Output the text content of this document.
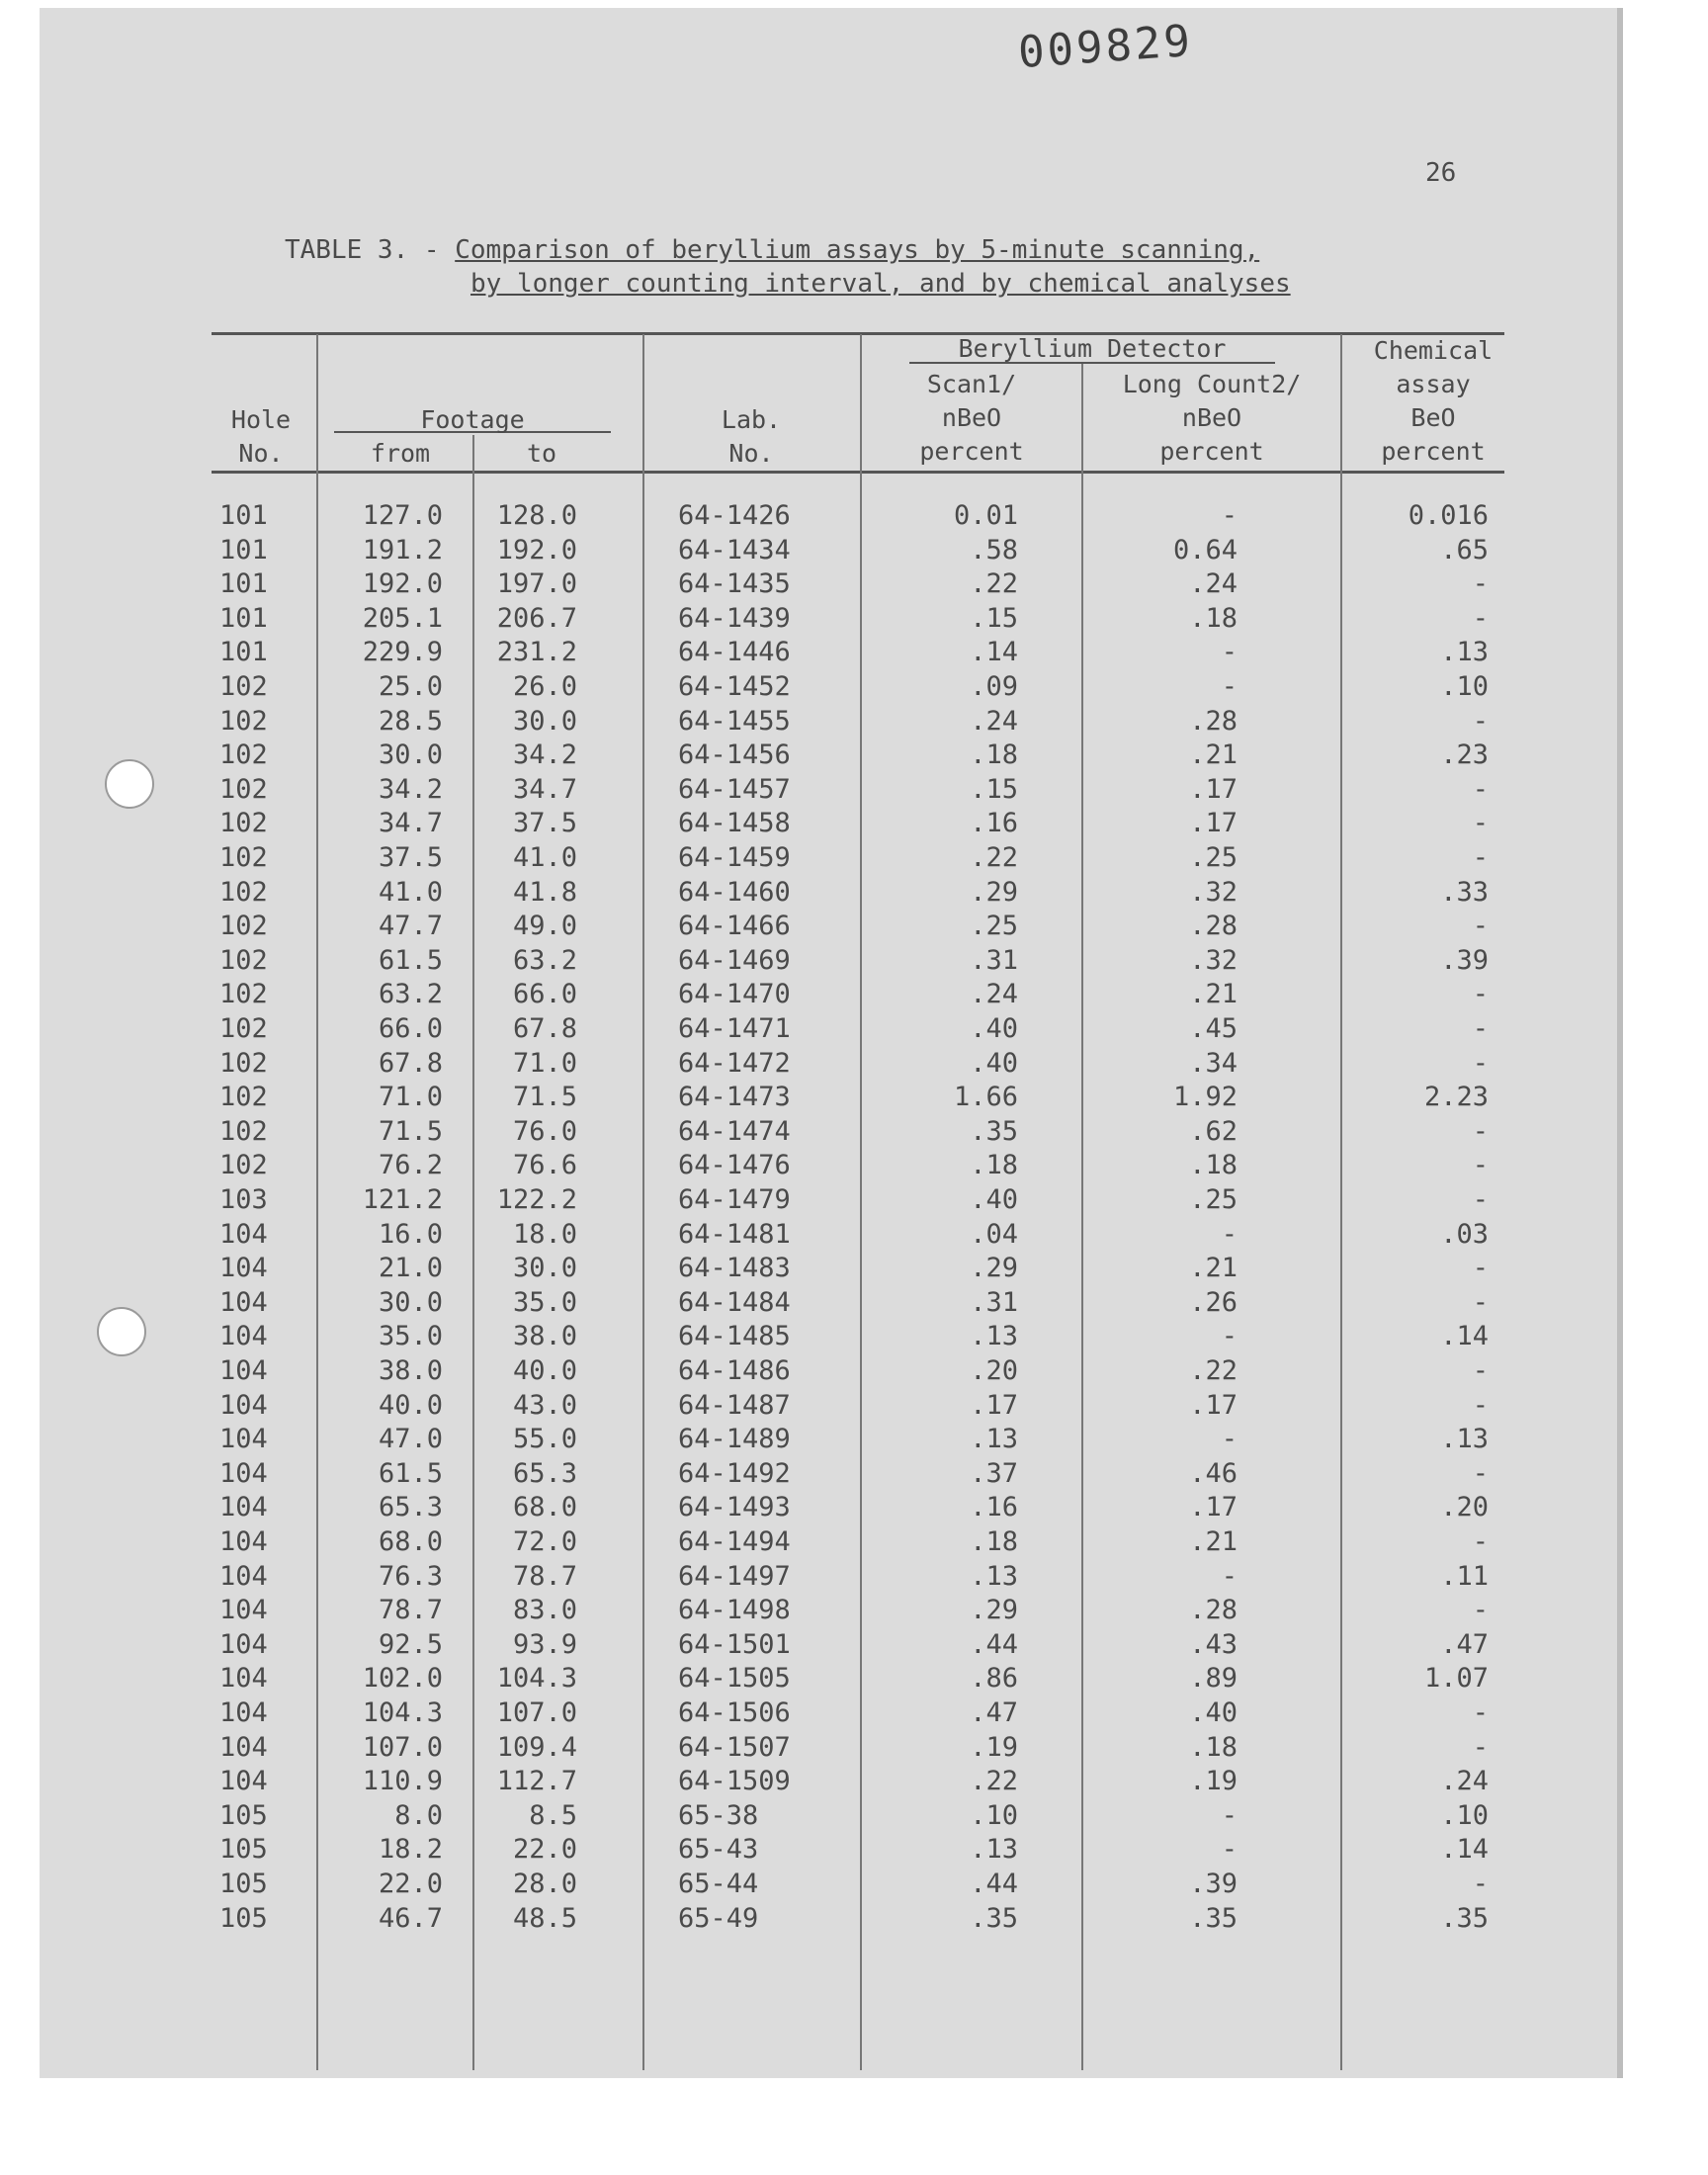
009829
26
TABLE 3. - Comparison of beryllium assays by 5-minute scanning,
by longer counting interval, and by chemical analyses
Hole
No.
Footage
from	to
Lab.
No.
Beryllium Detector
Scan1/
nBeO
percent
Long Count2/
nBeO
percent
Chemical
assay
BeO
percent
101	127.0	128.0	64-1426	0.01	-	0.016
101	191.2	192.0	64-1434	.58	0.64	.65
101	192.0	197.0	64-1435	.22	.24	-
101	205.1	206.7	64-1439	.15	.18	-
101	229.9	231.2	64-1446	.14	-	.13
102	25.0	26.0	64-1452	.09	-	.10
102	28.5	30.0	64-1455	.24	.28	-
102	30.0	34.2	64-1456	.18	.21	.23
102	34.2	34.7	64-1457	.15	.17	-
102	34.7	37.5	64-1458	.16	.17	-
102	37.5	41.0	64-1459	.22	.25	-
102	41.0	41.8	64-1460	.29	.32	.33
102	47.7	49.0	64-1466	.25	.28	-
102	61.5	63.2	64-1469	.31	.32	.39
102	63.2	66.0	64-1470	.24	.21	-
102	66.0	67.8	64-1471	.40	.45	-
102	67.8	71.0	64-1472	.40	.34	-
102	71.0	71.5	64-1473	1.66	1.92	2.23
102	71.5	76.0	64-1474	.35	.62	-
102	76.2	76.6	64-1476	.18	.18	-
103	121.2	122.2	64-1479	.40	.25	-
104	16.0	18.0	64-1481	.04	-	.03
104	21.0	30.0	64-1483	.29	.21	-
104	30.0	35.0	64-1484	.31	.26	-
104	35.0	38.0	64-1485	.13	-	.14
104	38.0	40.0	64-1486	.20	.22	-
104	40.0	43.0	64-1487	.17	.17	-
104	47.0	55.0	64-1489	.13	-	.13
104	61.5	65.3	64-1492	.37	.46	-
104	65.3	68.0	64-1493	.16	.17	.20
104	68.0	72.0	64-1494	.18	.21	-
104	76.3	78.7	64-1497	.13	-	.11
104	78.7	83.0	64-1498	.29	.28	-
104	92.5	93.9	64-1501	.44	.43	.47
104	102.0	104.3	64-1505	.86	.89	1.07
104	104.3	107.0	64-1506	.47	.40	-
104	107.0	109.4	64-1507	.19	.18	-
104	110.9	112.7	64-1509	.22	.19	.24
105	8.0	8.5	65-38	.10	-	.10
105	18.2	22.0	65-43	.13	-	.14
105	22.0	28.0	65-44	.44	.39	-
105	46.7	48.5	65-49	.35	.35	.35
